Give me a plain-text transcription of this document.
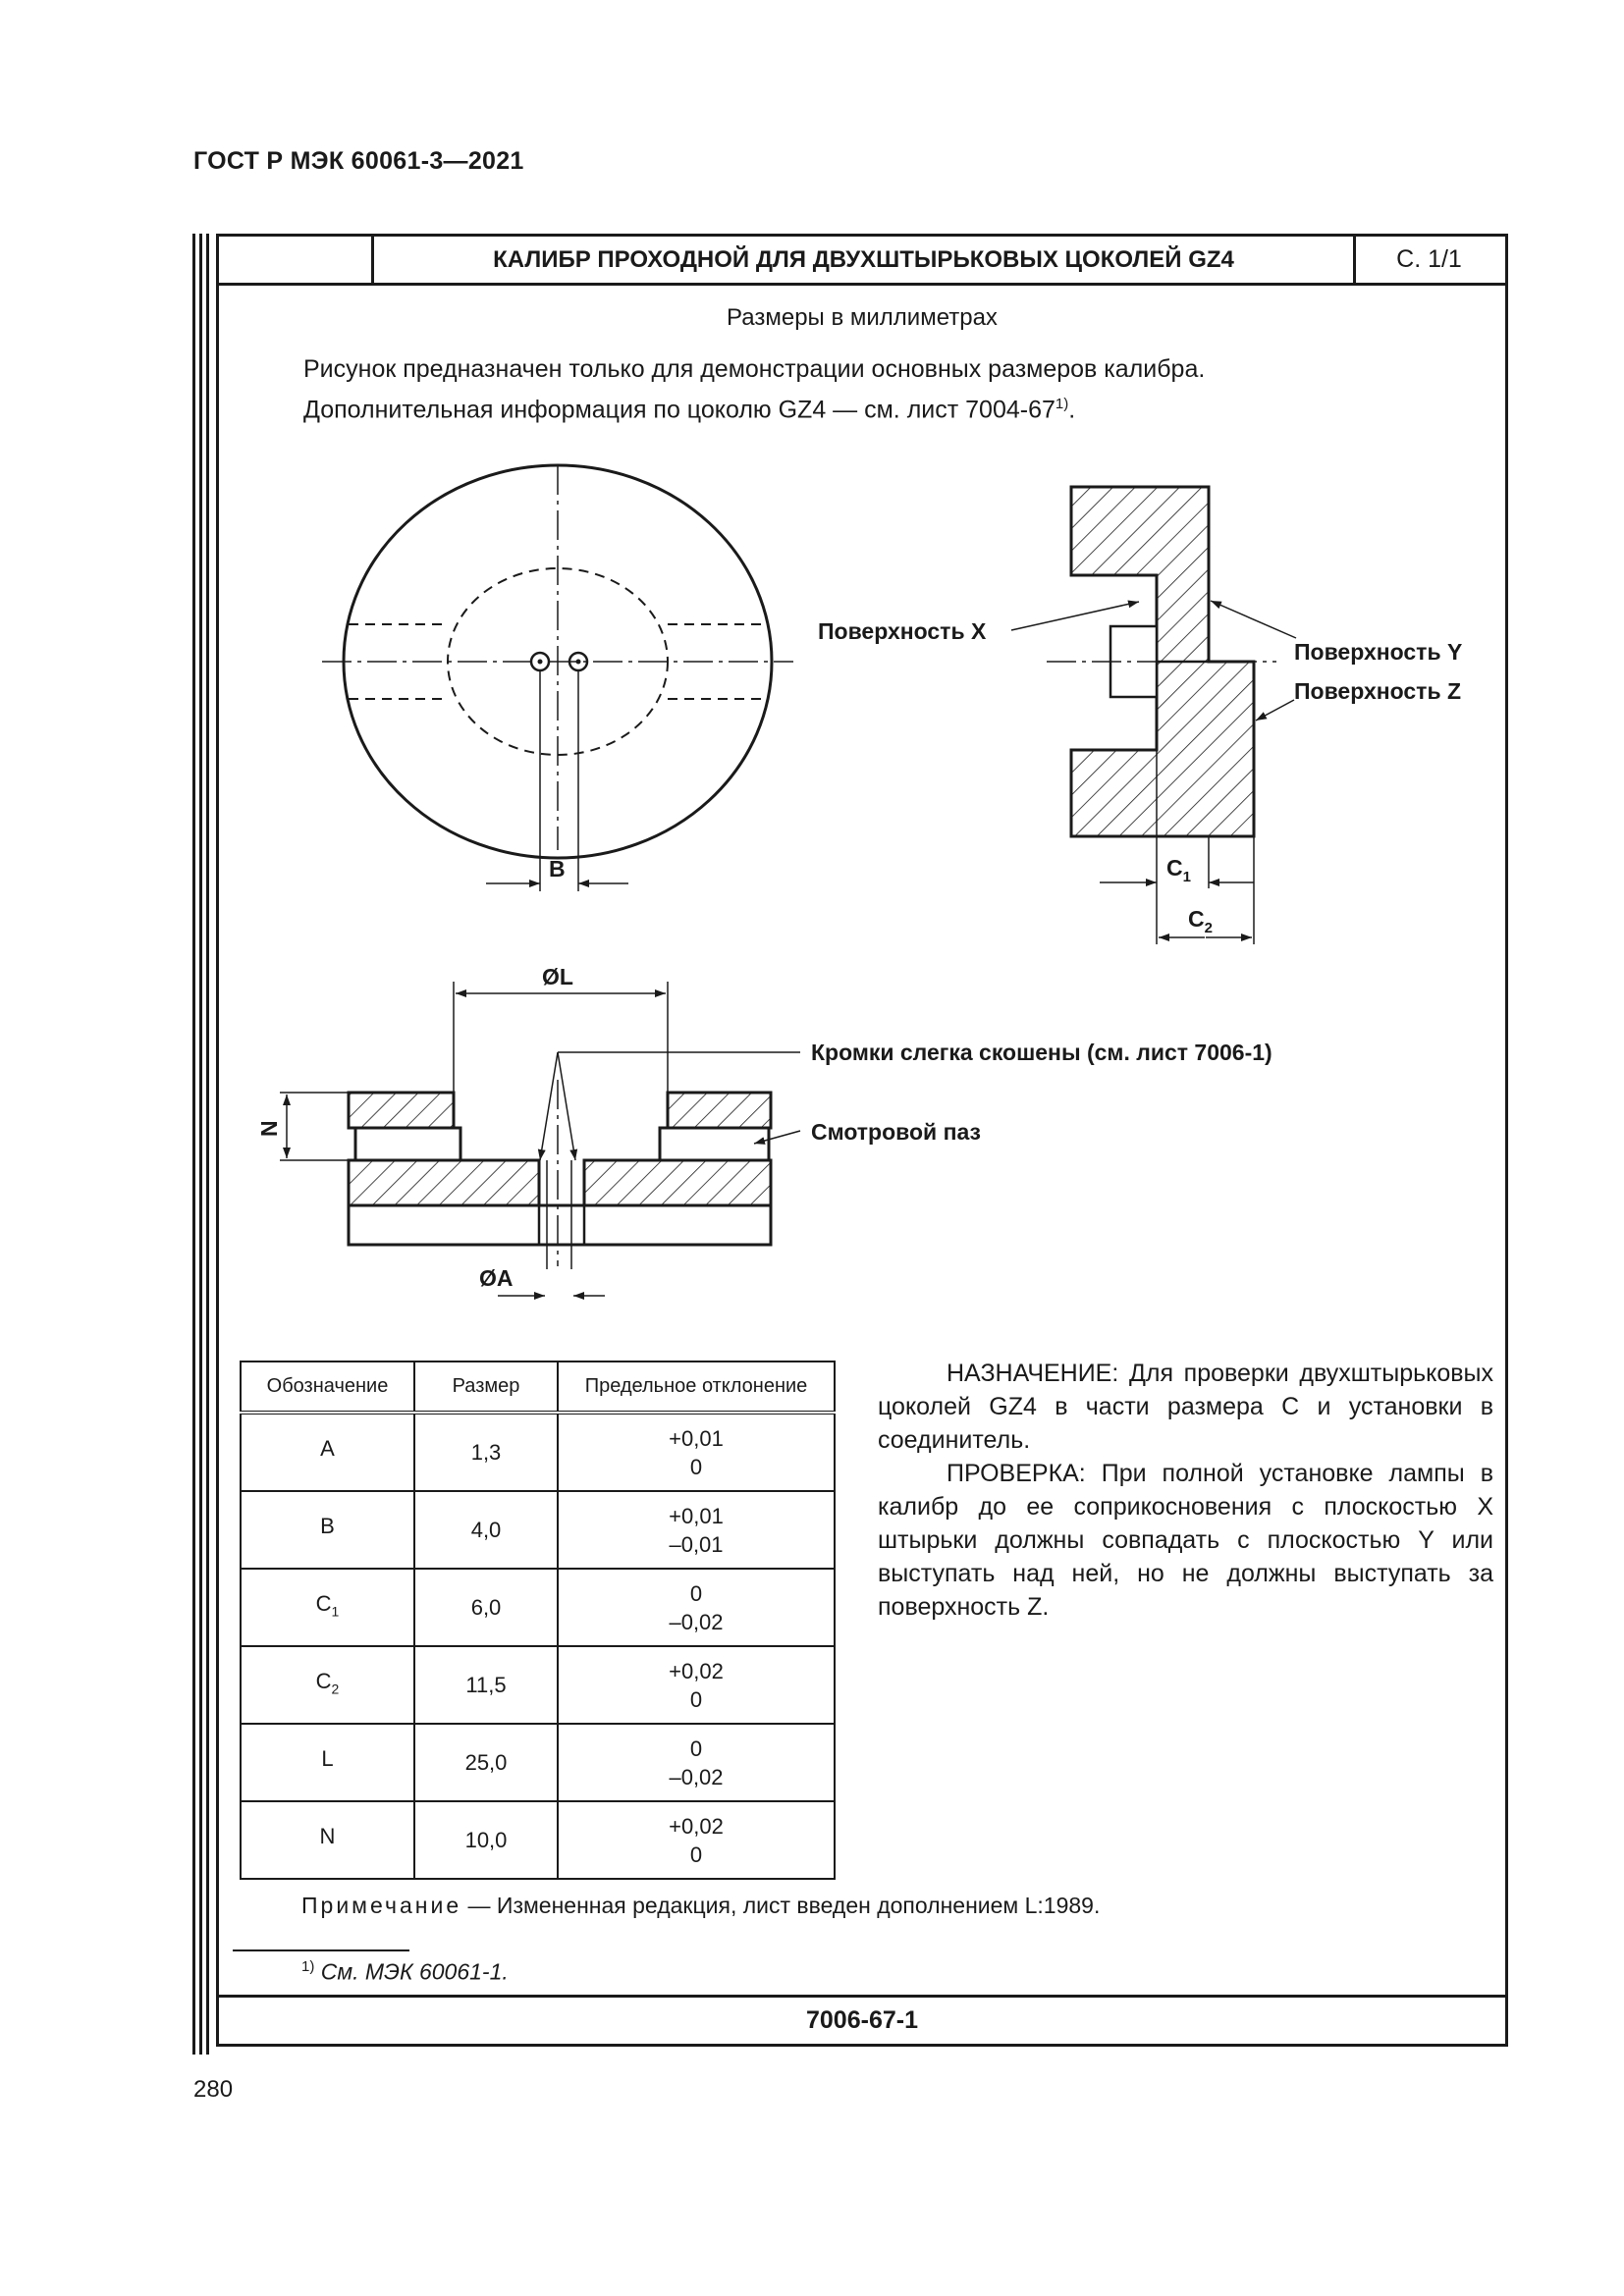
ГОСТ Р МЭК 60061-3—2021
КАЛИБР ПРОХОДНОЙ ДЛЯ ДВУХШТЫРЬКОВЫХ ЦОКОЛЕЙ GZ4	С. 1/1
Размеры в миллиметрах
Рисунок предназначен только для демонстрации основных размеров калибра.
Дополнительная информация по цоколю GZ4 — см. лист 7004-67$^{1)}$.
7006-67-1
B
Поверхность X
Поверхность Y
Поверхность Z
$C_1$
$C_2$
Кромки слегка скошены (см. лист 7006-1)
Смотровой паз
ØL
N
ØA
Обозначение	Размер	Предельное отклонение
A	1,3	+0,01
0

B	4,0	+0,01
–0,01

$C_1$	6,0	0
–0,02

$C_2$	11,5	+0,02
0

L	25,0	0
–0,02

N	10,0	+0,02
0

НАЗНАЧЕНИЕ: Для проверки двухштырьковых цоколей GZ4 в части размера C и установки в соединитель.

ПРОВЕРКА: При полной установке лампы в калибр до ее соприкосновения с плоскостью X штырьки должны совпадать с плоскостью Y или выступать над ней, но не должны выступать за поверхность Z.

Примечание — Измененная редакция, лист введен дополнением L:1989.
$^{1)}$ См. МЭК 60061-1.
280
